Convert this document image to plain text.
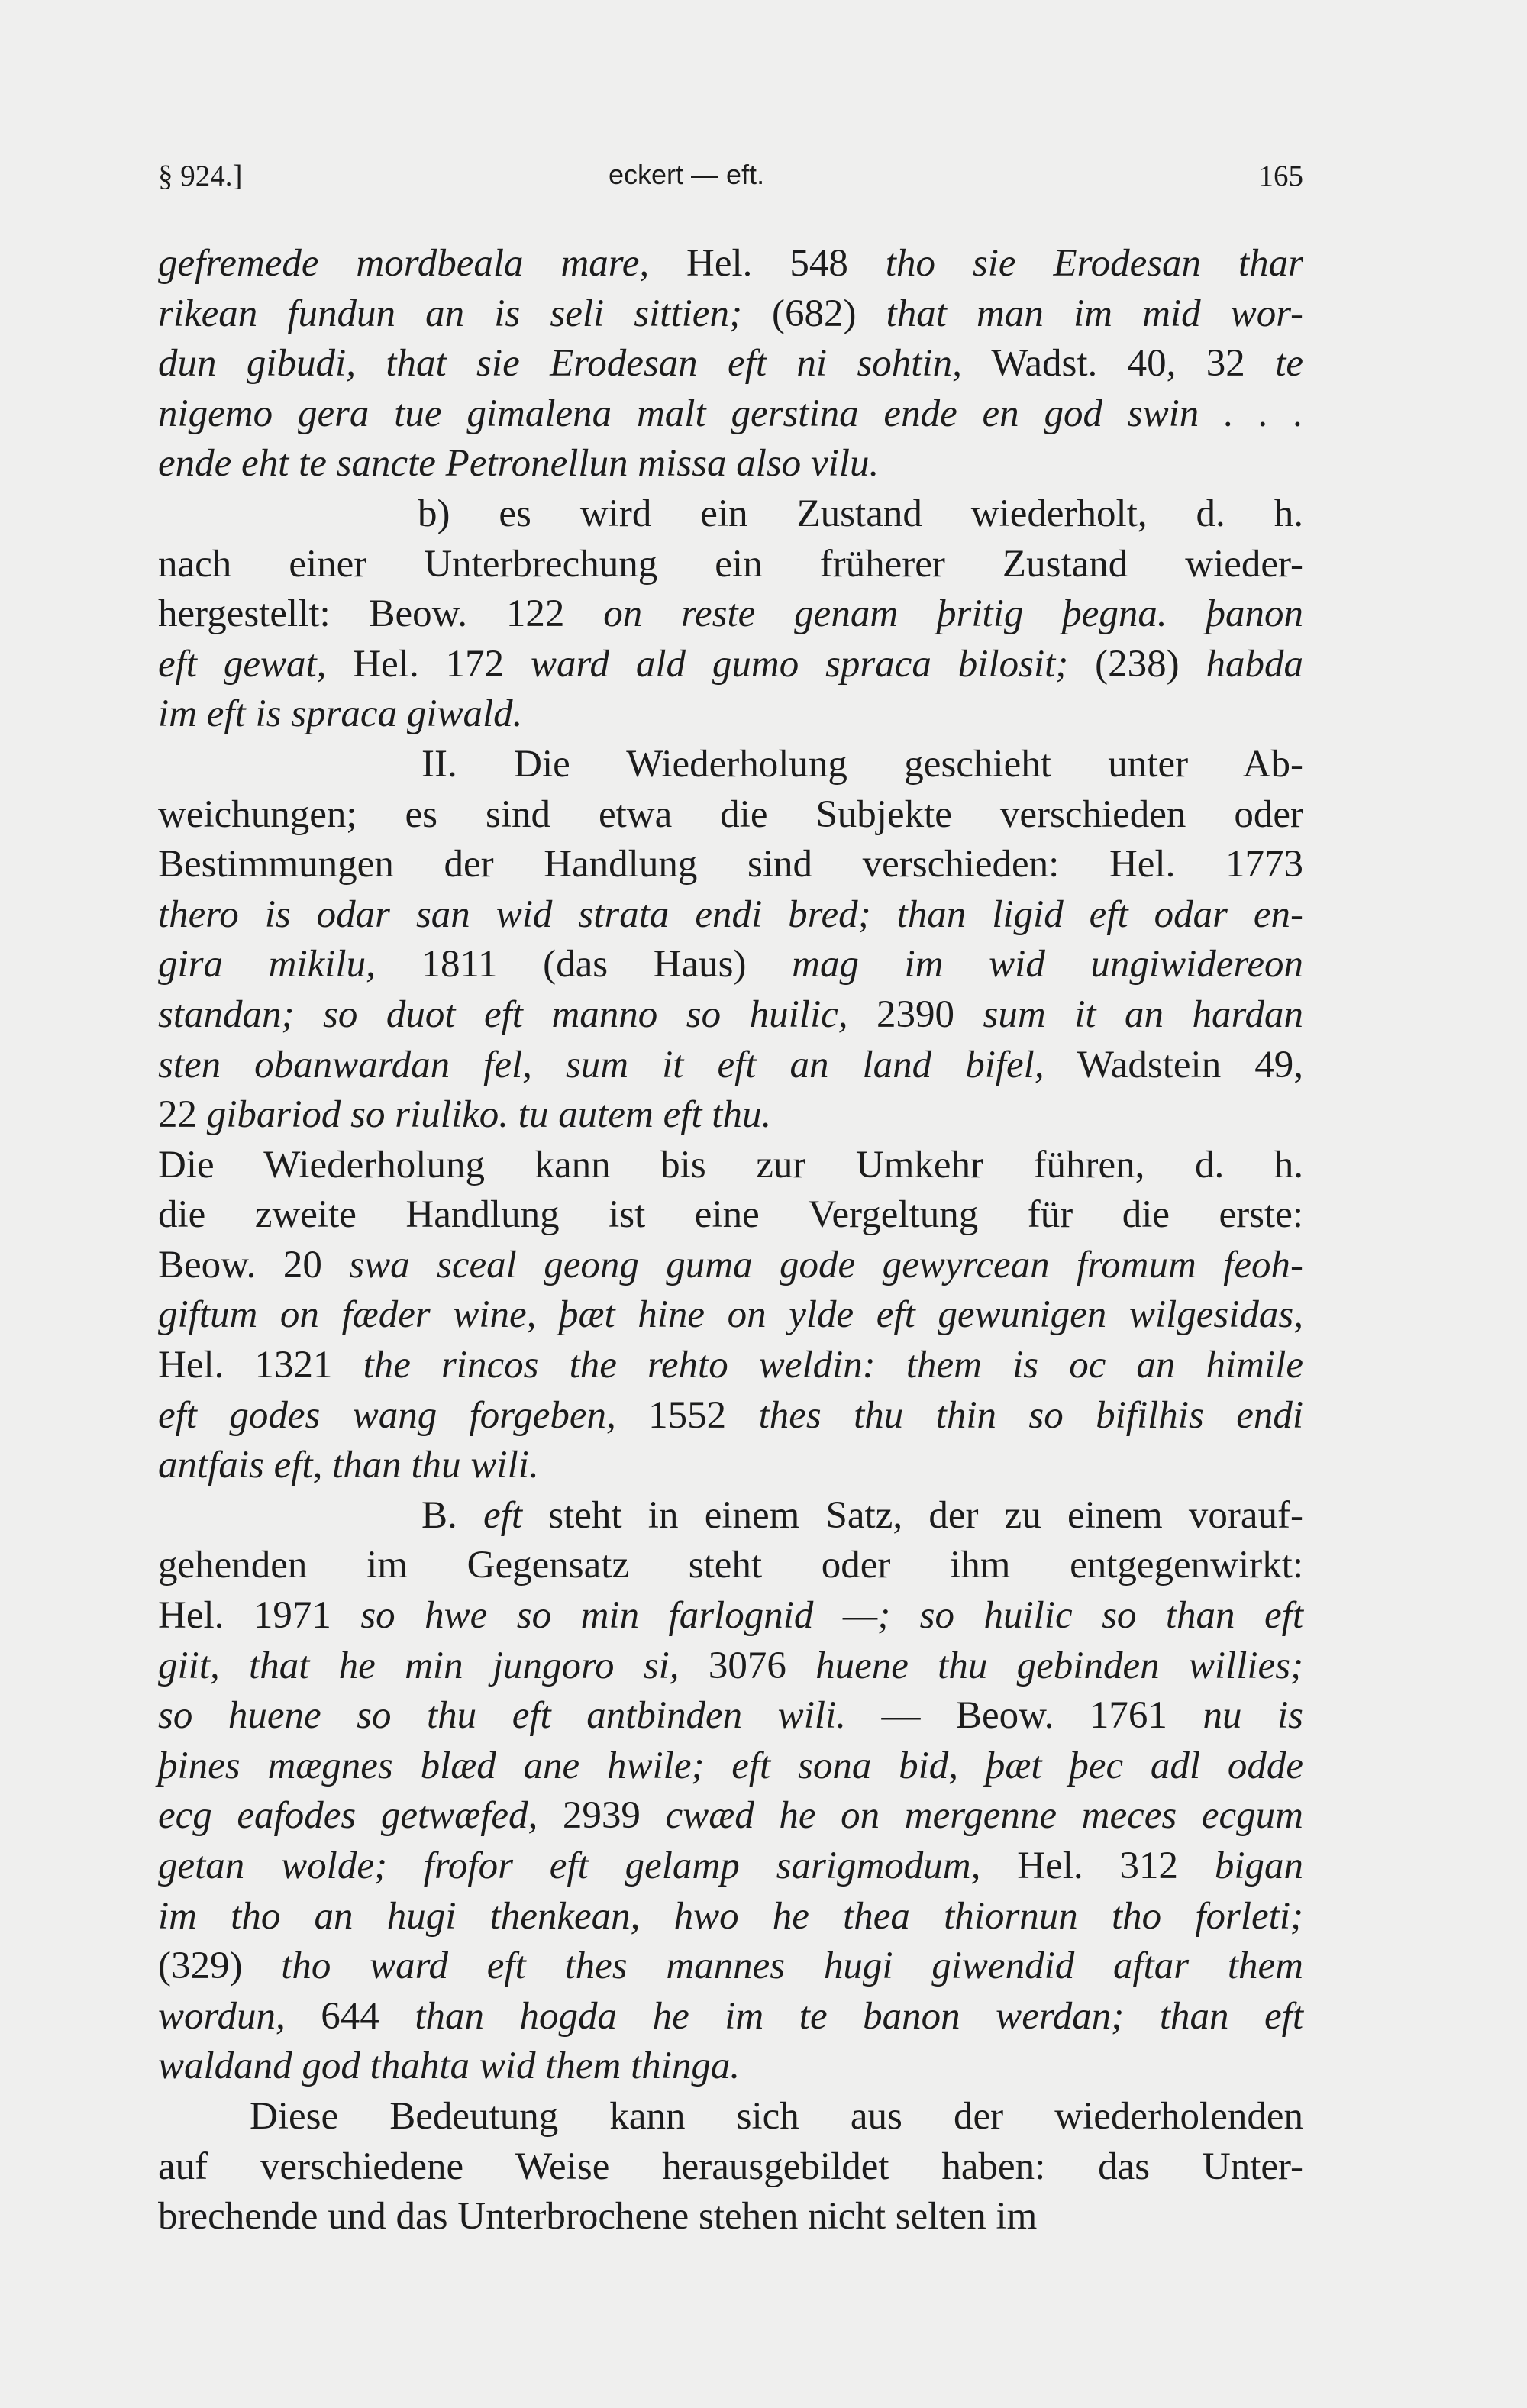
§ 924.]	eckert — eft.	165
gefremede mordbeala mare, Hel. 548 tho sie Erodesan thar
rikean fundun an is seli sittien; (682) that man im mid wor-
dun gibudi, that sie Erodesan eft ni sohtin, Wadst. 40, 32 te
nigemo gera tue gimalena malt gerstina ende en god swin . . .
ende eht te sancte Petronellun missa also vilu.
b) es wird ein Zustand wiederholt, d. h.
nach einer Unterbrechung ein früherer Zustand wieder-
hergestellt: Beow. 122 on reste genam þritig þegna. þanon
eft gewat, Hel. 172 ward ald gumo spraca bilosit; (238) habda
im eft is spraca giwald.
II. Die Wiederholung geschieht unter Ab-
weichungen; es sind etwa die Subjekte verschieden oder
Bestimmungen der Handlung sind verschieden: Hel. 1773
thero is odar san wid strata endi bred; than ligid eft odar en-
gira mikilu, 1811 (das Haus) mag im wid ungiwidereon
standan; so duot eft manno so huilic, 2390 sum it an hardan
sten obanwardan fel, sum it eft an land bifel, Wadstein 49,
22 gibariod so riuliko. tu autem eft thu.
Die Wiederholung kann bis zur Umkehr führen, d. h.
die zweite Handlung ist eine Vergeltung für die erste:
Beow. 20 swa sceal geong guma gode gewyrcean fromum feoh-
giftum on fæder wine, þæt hine on ylde eft gewunigen wilgesidas,
Hel. 1321 the rincos the rehto weldin: them is oc an himile
eft godes wang forgeben, 1552 thes thu thin so bifilhis endi
antfais eft, than thu wili.
B. eft steht in einem Satz, der zu einem vorauf-
gehenden im Gegensatz steht oder ihm entgegenwirkt:
Hel. 1971 so hwe so min farlognid —; so huilic so than eft
giit, that he min jungoro si, 3076 huene thu gebinden willies;
so huene so thu eft antbinden wili. — Beow. 1761 nu is
þines mægnes blæd ane hwile; eft sona bid, þæt þec adl odde
ecg eafodes getwæfed, 2939 cwæd he on mergenne meces ecgum
getan wolde; frofor eft gelamp sarigmodum, Hel. 312 bigan
im tho an hugi thenkean, hwo he thea thiornun tho forleti;
(329) tho ward eft thes mannes hugi giwendid aftar them
wordun, 644 than hogda he im te banon werdan; than eft
waldand god thahta wid them thinga.
Diese Bedeutung kann sich aus der wiederholenden
auf verschiedene Weise herausgebildet haben: das Unter-
brechende und das Unterbrochene stehen nicht selten im
